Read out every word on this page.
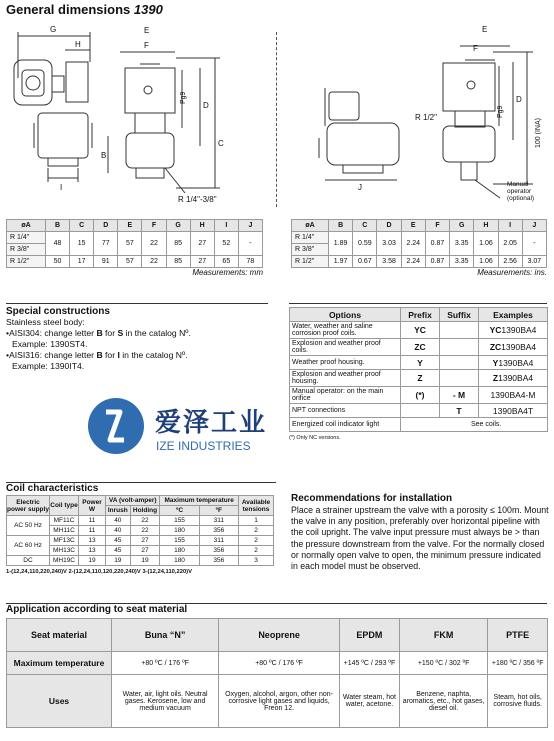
General dimensions 1390
G
H
E
F
Pg9
D
C
B
I
R 1/4"-3/8"
E
F
Pg9
D
100 (INA)
R 1/2"
J	Manual
operator
(optional)
øA	B	C	D	E	F	G	H	I	J
R 1/4"	48	15	77	57	22	85	27	52	-
R 3/8"									
R 1/2"	50	17	91	57	22	85	27	65	78
Measurements: mm
øA	B	C	D	E	F	G	H	I	J
R 1/4"	1.89	0.59	3.03	2.24	0.87	3.35	1.06	2.05	-
R 3/8"									
R 1/2"	1.97	0.67	3.58	2.24	0.87	3.35	1.06	2.56	3.07
Measurements: ins.
Special constructions
Stainless steel body:
•AISI304: change letter B for S in the catalog Nº.
Example: 1390ST4.
•AISI316: change letter B for I in the catalog Nº.
Example: 1390IT4.
爱泽工业
IZE INDUSTRIES
Options	Prefix	Suffix	Examples
Water, weather and saline corrosion proof coils.	YC		YC1390BA4
Explosion and weather proof coils.	ZC		ZC1390BA4
Weather proof housing.	Y		Y1390BA4
Explosion and weather proof housing.	Z		Z1390BA4
Manual operator: on the main orifice	(*)	- M	1390BA4-M
NPT connections		T	1390BA4T
Energized coil indicator light	See coils.		
(*) Only NC versions.
Coil characteristics
Electric power supply	Coil type	Power W	VA (volt-amper)		Maximum temperature		Available tensions
			Inrush	Holding	ºC	ºF	
AC 50 Hz	MF11C	11	40	22	155	311	1
	MH11C	11	40	22	180	356	2
AC 60 Hz	MF13C	13	45	27	155	311	2
	MH13C	13	45	27	180	356	2
DC	MH19C	19	19	19	180	356	3
1-(12,24,110,220,240)V 2-(12,24,110,120,220,240)V 3-(12,24,110,220)V
Recommendations for installation
Place a strainer upstream the valve with a porosity ≤ 100m. Mount the valve in any position, preferably over horizontal pipeline with the coil upright. The valve input pressure must always be > than the pressure downstream from the valve. For the normally closed or normally open valve to open, the minimum pressure indicated in each model must be observed.
Application according to seat material
Seat material	Buna “N”	Neoprene	EPDM	FKM	PTFE
Maximum temperature	+80 ºC / 176 ºF	+80 ºC / 176 ºF	+145 ºC / 293 ºF	+150 ºC / 302 ºF	+180 ºC / 356 ºF
Uses	Water, air, light oils. Neutral gases. Kerosene, low and medium vacuum	Oxygen, alcohol, argon, other non-corrosive light gases and liquids, Freon 12.	Water steam, hot water, acetone.	Benzene, naphta, aromatics, etc., hot gases, diesel oil.	Steam, hot oils, corrosive fluids.
